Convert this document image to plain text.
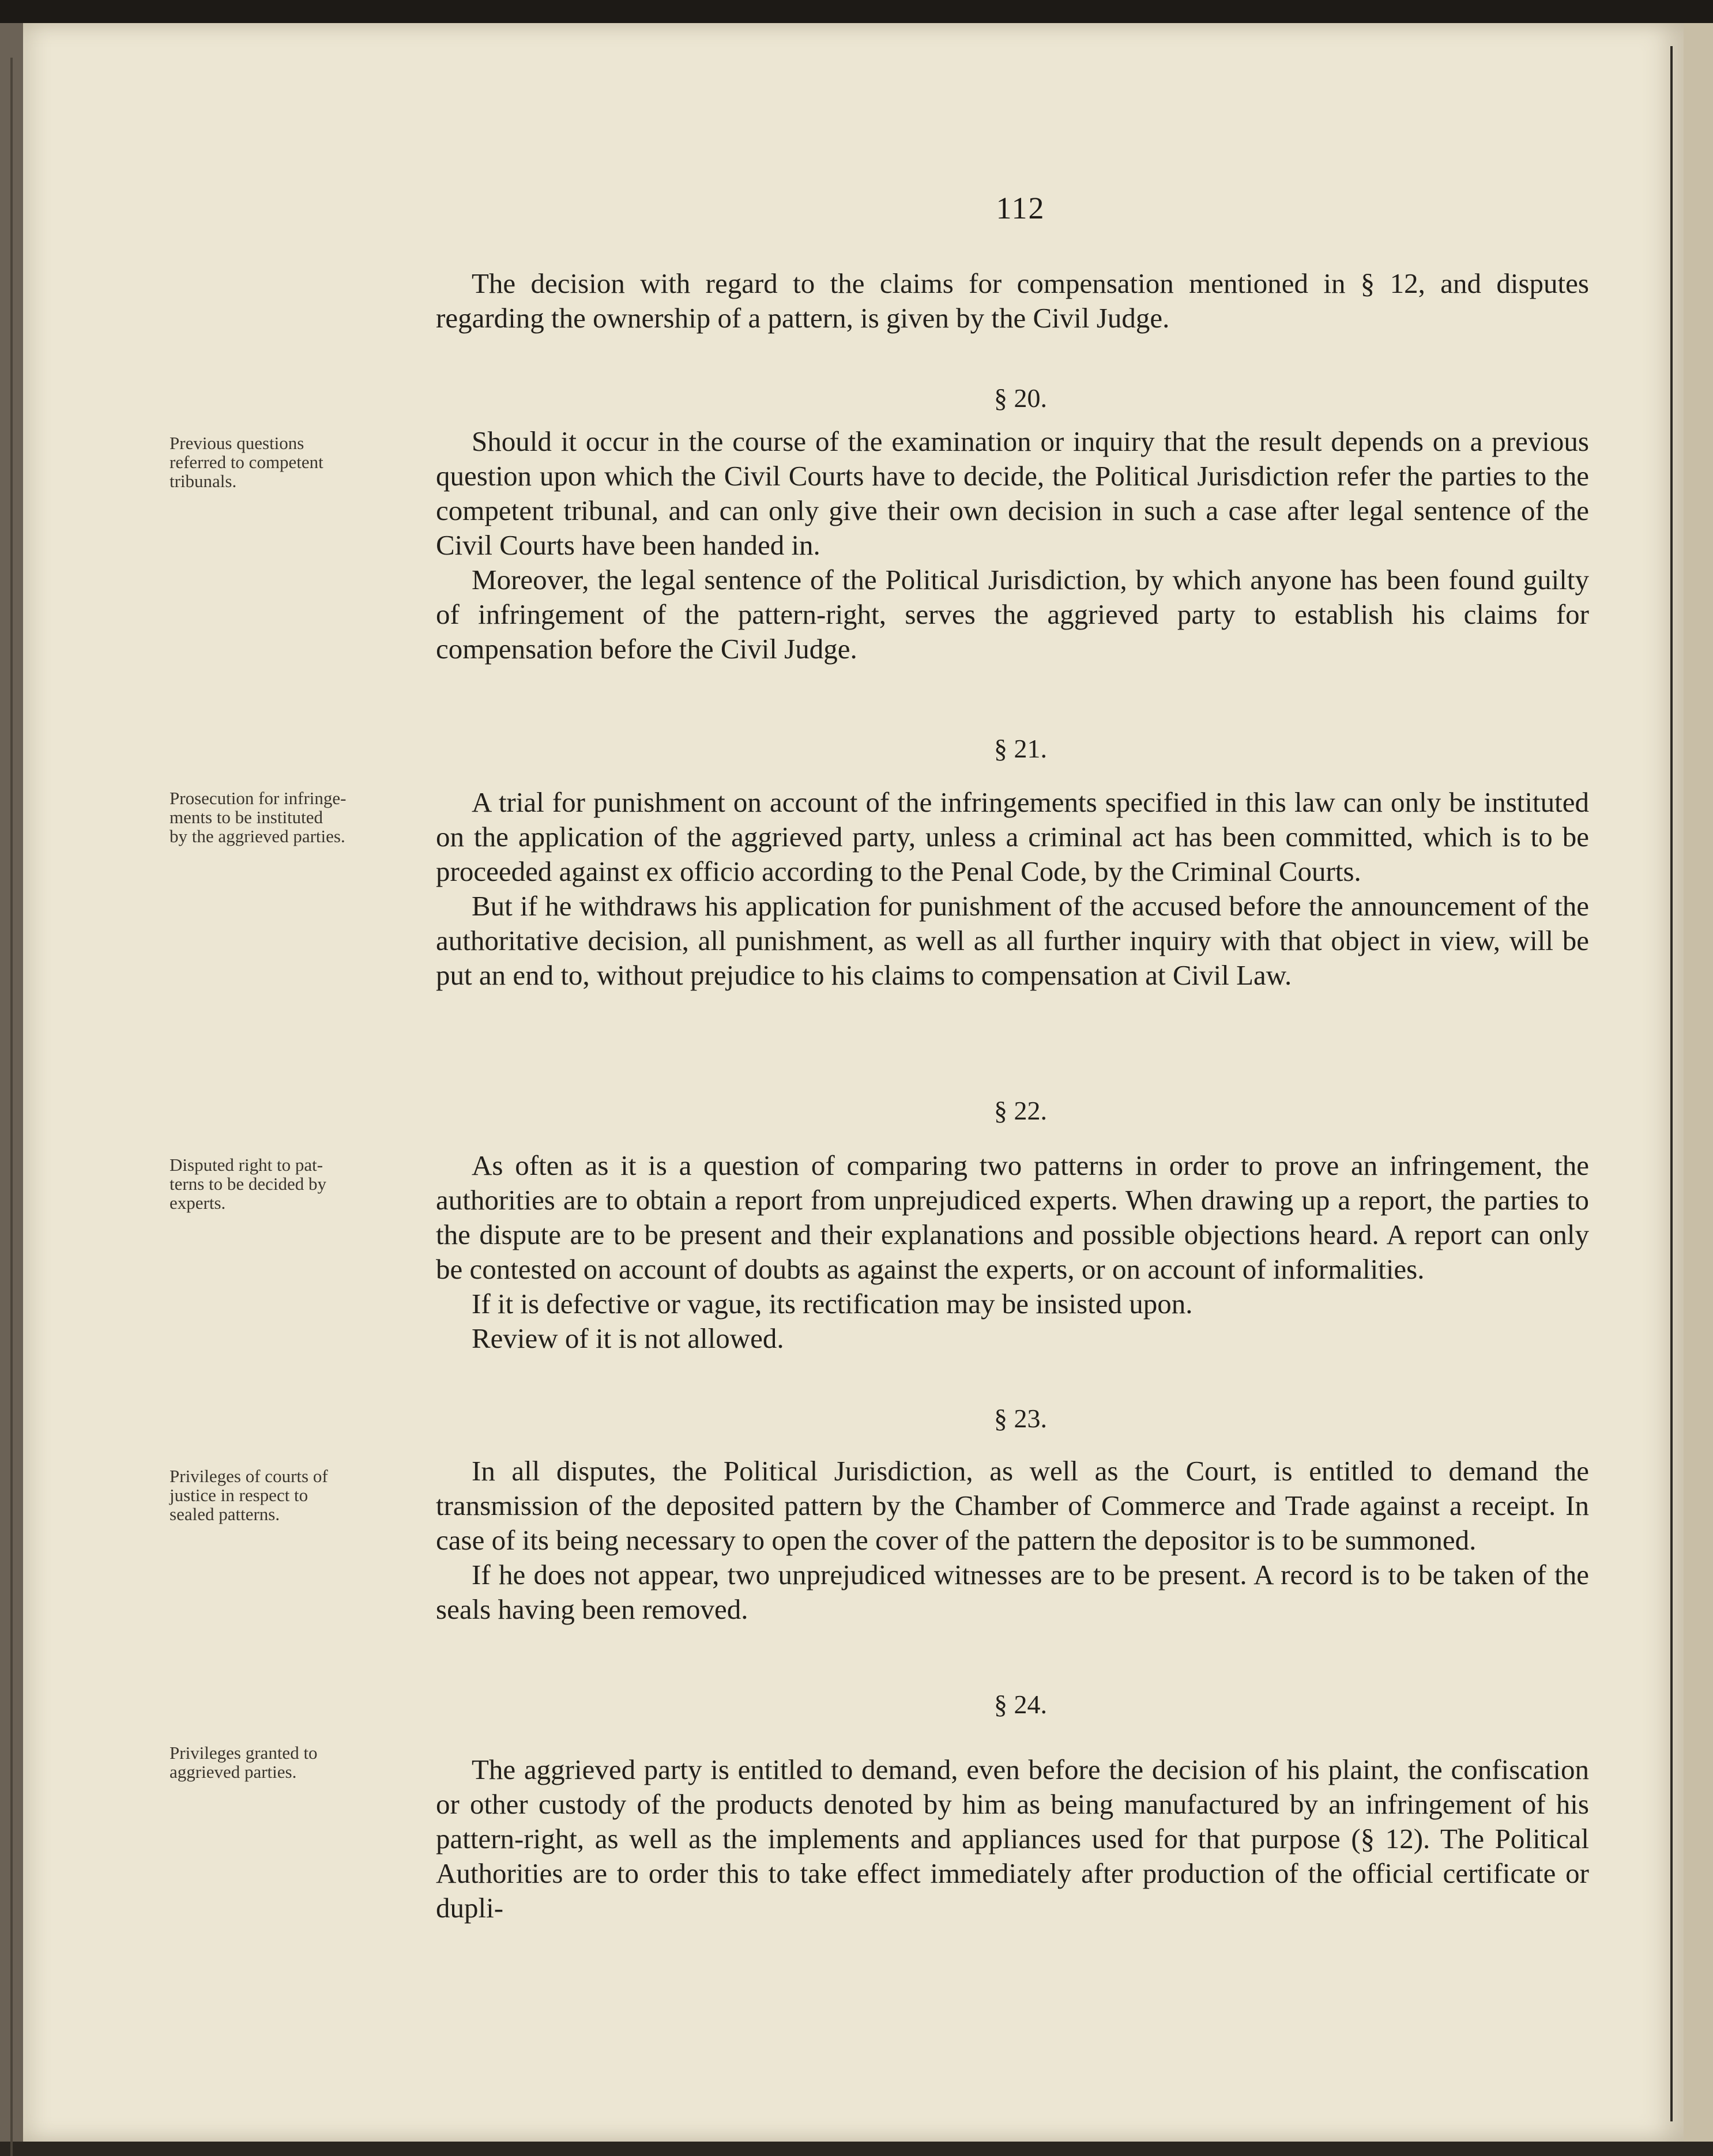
112

The decision with regard to the claims for compensation mentioned in § 12, and disputes regarding the ownership of a pattern, is given by the Civil Judge.

§ 20.
Previous questions
referred to competent
tribunals.

Should it occur in the course of the examination or inquiry that the result depends on a previous question upon which the Civil Courts have to decide, the Political Jurisdiction refer the parties to the competent tribunal, and can only give their own decision in such a case after legal sentence of the Civil Courts have been handed in.

Moreover, the legal sentence of the Political Jurisdiction, by which anyone has been found guilty of infringement of the pattern-right, serves the aggrieved party to establish his claims for compensation before the Civil Judge.

§ 21.
Prosecution for infringe-
ments to be instituted
by the aggrieved parties.

A trial for punishment on account of the infringements specified in this law can only be instituted on the application of the aggrieved party, unless a criminal act has been committed, which is to be proceeded against ex officio according to the Penal Code, by the Criminal Courts.

But if he withdraws his application for punishment of the accused before the announcement of the authoritative decision, all punishment, as well as all further inquiry with that object in view, will be put an end to, without prejudice to his claims to compensation at Civil Law.

§ 22.
Disputed right to pat-
terns to be decided by
experts.

As often as it is a question of comparing two patterns in order to prove an infringement, the authorities are to obtain a report from unprejudiced experts. When drawing up a report, the parties to the dispute are to be present and their explanations and possible objections heard. A report can only be contested on account of doubts as against the experts, or on account of informalities.

If it is defective or vague, its rectification may be insisted upon.

Review of it is not allowed.

§ 23.
Privileges of courts of
justice in respect to
sealed patterns.

In all disputes, the Political Jurisdiction, as well as the Court, is entitled to demand the transmission of the deposited pattern by the Chamber of Commerce and Trade against a receipt. In case of its being necessary to open the cover of the pattern the depositor is to be summoned.

If he does not appear, two unprejudiced witnesses are to be present. A record is to be taken of the seals having been removed.

§ 24.
Privileges granted to
aggrieved parties.	The aggrieved party is entitled to demand, even before the decision of his plaint, the confiscation or other custody of the products denoted by him as being manufactured by an infringement of his pattern-right, as well as the implements and appliances used for that purpose (§ 12). The Political Authorities are to order this to take effect immediately after production of the official certificate or dupli-
